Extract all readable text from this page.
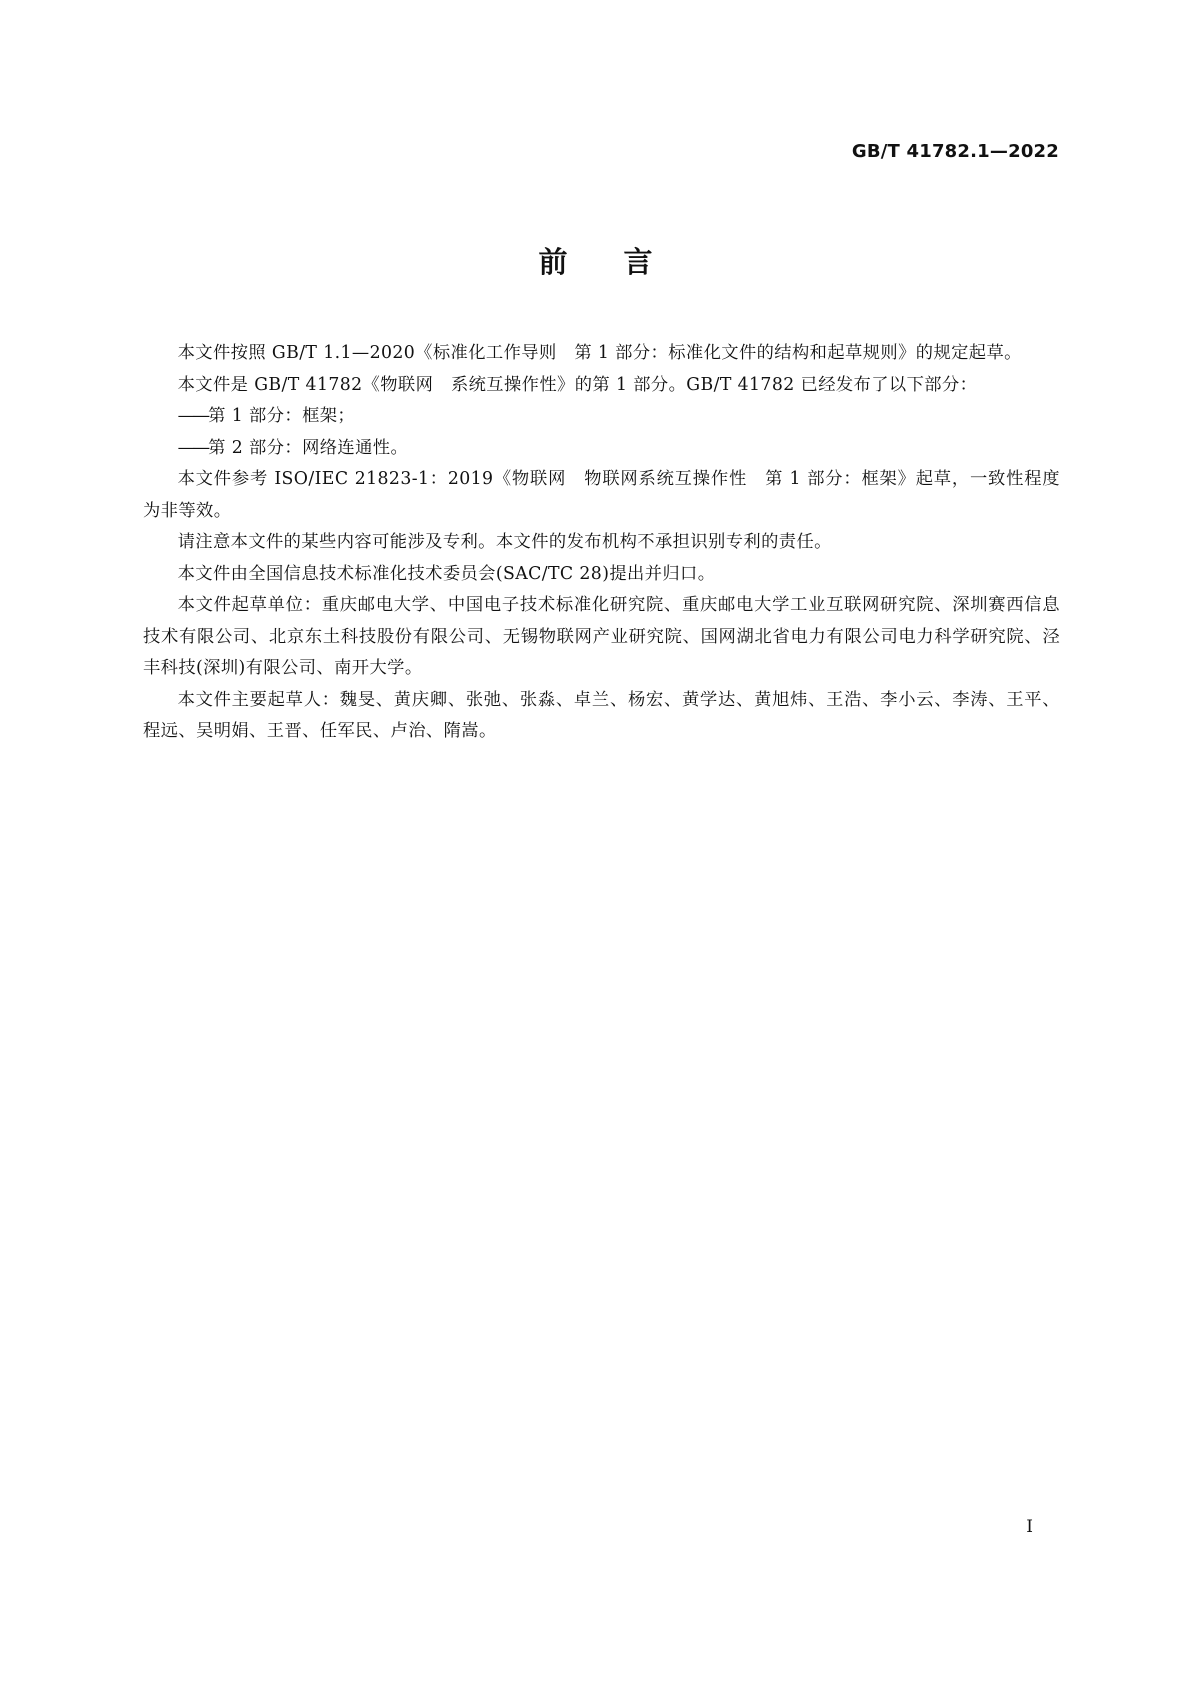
GB/T 41782.1—2022
前言

本文件按照 GB/T 1.1—2020《标准化工作导则　第 1 部分：标准化文件的结构和起草规则》的规定起草。

本文件是 GB/T 41782《物联网　系统互操作性》的第 1 部分。GB/T 41782 已经发布了以下部分：

——第 1 部分：框架；

——第 2 部分：网络连通性。

本文件参考 ISO/IEC 21823-1：2019《物联网　物联网系统互操作性　第 1 部分：框架》起草，一致性程度为非等效。

请注意本文件的某些内容可能涉及专利。本文件的发布机构不承担识别专利的责任。

本文件由全国信息技术标准化技术委员会(SAC/TC 28)提出并归口。

本文件起草单位：重庆邮电大学、中国电子技术标准化研究院、重庆邮电大学工业互联网研究院、深圳赛西信息技术有限公司、北京东土科技股份有限公司、无锡物联网产业研究院、国网湖北省电力有限公司电力科学研究院、泾丰科技(深圳)有限公司、南开大学。

本文件主要起草人：魏旻、黄庆卿、张弛、张淼、卓兰、杨宏、黄学达、黄旭炜、王浩、李小云、李涛、王平、程远、吴明娟、王晋、任军民、卢治、隋嵩。

I
